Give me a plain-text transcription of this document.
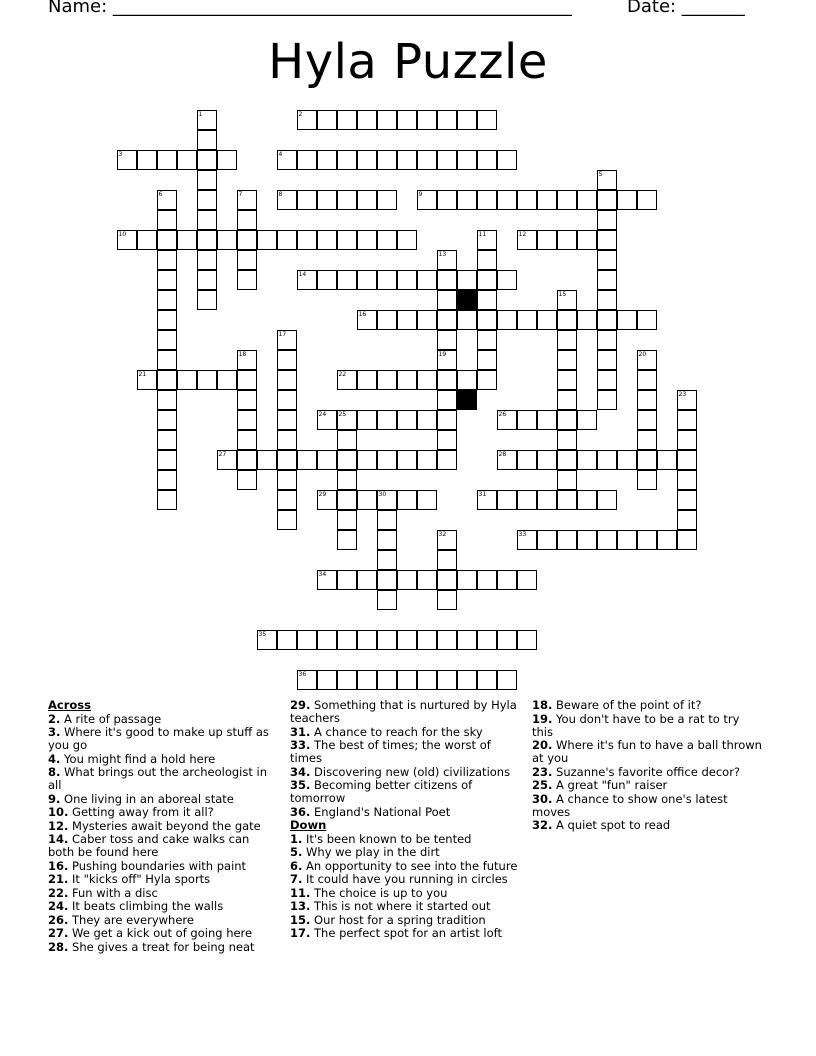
Name: ___________________________________________________	Date: _______
Hyla Puzzle
1	2
3	4
5
6	7	8	9
10	11	12
13
19
14
15
16
17
18	20
21	22
23
24 25	26
27	28
29	30	31
32	33
34
35
36

Across

2. A rite of passage

3. Where it's good to make up stuff as you go

4. You might find a hold here

8. What brings out the archeologist in all

9. One living in an aboreal state

10. Getting away from it all?

12. Mysteries await beyond the gate

14. Caber toss and cake walks can both be found here

16. Pushing boundaries with paint

21. It "kicks off" Hyla sports

22. Fun with a disc

24. It beats climbing the walls

26. They are everywhere

27. We get a kick out of going here

28. She gives a treat for being neat

29. Something that is nurtured by Hyla teachers

31. A chance to reach for the sky

33. The best of times; the worst of times

34. Discovering new (old) civilizations

35. Becoming better citizens of tomorrow

36. England's National Poet

Down

1. It's been known to be tented

5. Why we play in the dirt

6. An opportunity to see into the future

7. It could have you running in circles

11. The choice is up to you

13. This is not where it started out

15. Our host for a spring tradition

17. The perfect spot for an artist loft

18. Beware of the point of it?

19. You don't have to be a rat to try this

20. Where it's fun to have a ball thrown at you

23. Suzanne's favorite office decor?

25. A great "fun" raiser

30. A chance to show one's latest moves

32. A quiet spot to read
